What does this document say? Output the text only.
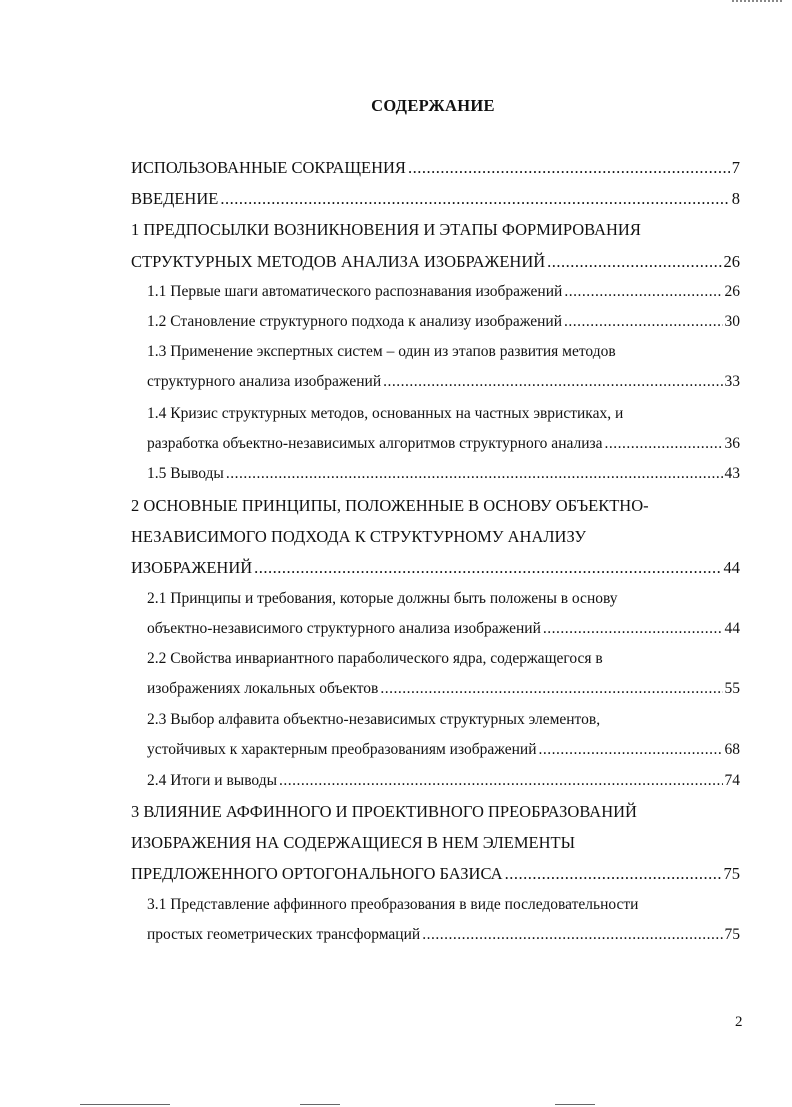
СОДЕРЖАНИЕ
ИСПОЛЬЗОВАННЫЕ СОКРАЩЕНИЯ .....	7
ВВЕДЕНИЕ .....	8
1 ПРЕДПОСЫЛКИ ВОЗНИКНОВЕНИЯ И ЭТАПЫ ФОРМИРОВАНИЯ
СТРУКТУРНЫХ МЕТОДОВ АНАЛИЗА ИЗОБРАЖЕНИЙ .....	26
1.1 Первые шаги автоматического распознавания изображений .....	26
1.2 Становление структурного подхода к анализу изображений .....	30
1.3 Применение экспертных систем – один из этапов развития методов
структурного анализа изображений .....	33
1.4 Кризис структурных методов, основанных на частных эвристиках, и
разработка объектно-независимых алгоритмов структурного анализа .....	36
1.5 Выводы .....	43
2 ОСНОВНЫЕ ПРИНЦИПЫ, ПОЛОЖЕННЫЕ В ОСНОВУ ОБЪЕКТНО-
НЕЗАВИСИМОГО ПОДХОДА К СТРУКТУРНОМУ АНАЛИЗУ
ИЗОБРАЖЕНИЙ .....	44
2.1 Принципы и требования, которые должны быть положены в основу
объектно-независимого структурного анализа изображений .....	44
2.2 Свойства инвариантного параболического ядра, содержащегося в
изображениях локальных объектов .....	55
2.3 Выбор алфавита объектно-независимых структурных элементов,
устойчивых к характерным преобразованиям изображений .....	68
2.4 Итоги и выводы .....	74
3 ВЛИЯНИЕ АФФИННОГО И ПРОЕКТИВНОГО ПРЕОБРАЗОВАНИЙ
ИЗОБРАЖЕНИЯ НА СОДЕРЖАЩИЕСЯ В НЕМ ЭЛЕМЕНТЫ
ПРЕДЛОЖЕННОГО ОРТОГОНАЛЬНОГО БАЗИСА .....	75
3.1 Представление аффинного преобразования в виде последовательности
простых геометрических трансформаций .....	75
2
